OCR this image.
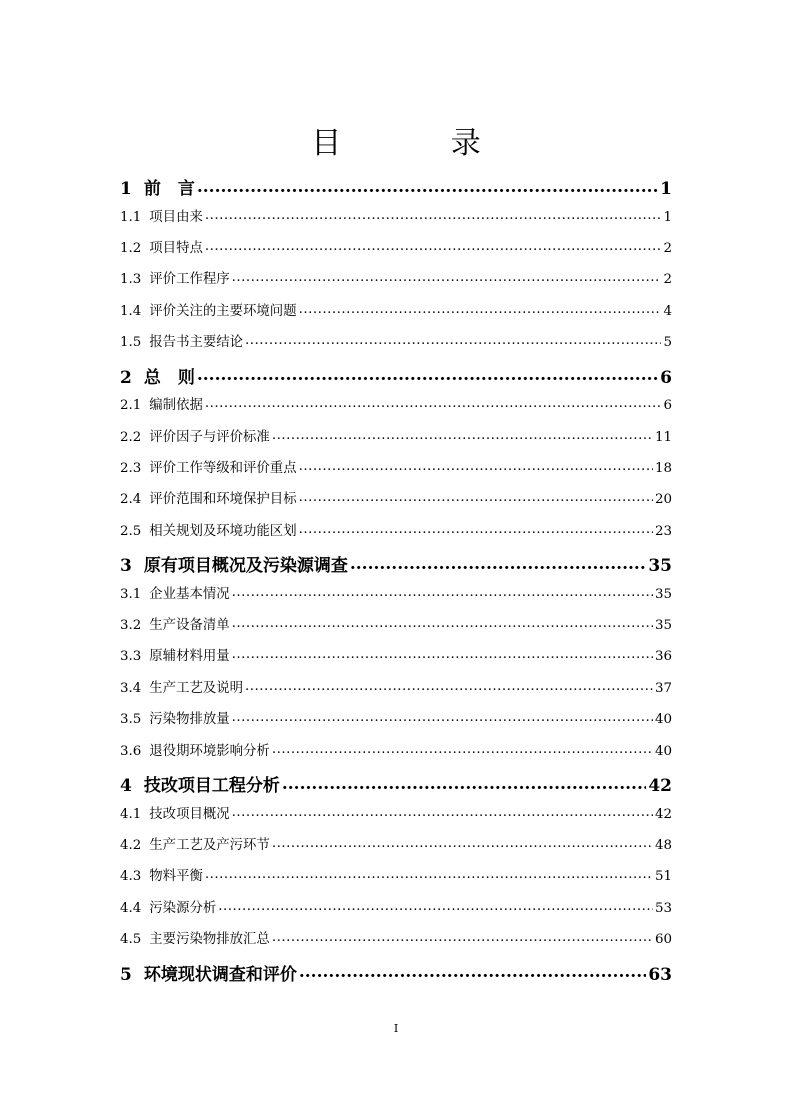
目 录
1 前　言 .....	1
1.1 项目由来 .....	1
1.2 项目特点 .....	2
1.3 评价工作程序 .....	2
1.4 评价关注的主要环境问题 .....	4
1.5 报告书主要结论 .....	5
2 总　则 .....	6
2.1 编制依据 .....	6
2.2 评价因子与评价标准 .....	11
2.3 评价工作等级和评价重点 .....	18
2.4 评价范围和环境保护目标 .....	20
2.5 相关规划及环境功能区划 .....	23
3 原有项目概况及污染源调查 .....	35
3.1 企业基本情况 .....	35
3.2 生产设备清单 .....	35
3.3 原辅材料用量 .....	36
3.4 生产工艺及说明 .....	37
3.5 污染物排放量 .....	40
3.6 退役期环境影响分析 .....	40
4 技改项目工程分析 .....	42
4.1 技改项目概况 .....	42
4.2 生产工艺及产污环节 .....	48
4.3 物料平衡 .....	51
4.4 污染源分析 .....	53
4.5 主要污染物排放汇总 .....	60
5 环境现状调查和评价 .....	63
I
